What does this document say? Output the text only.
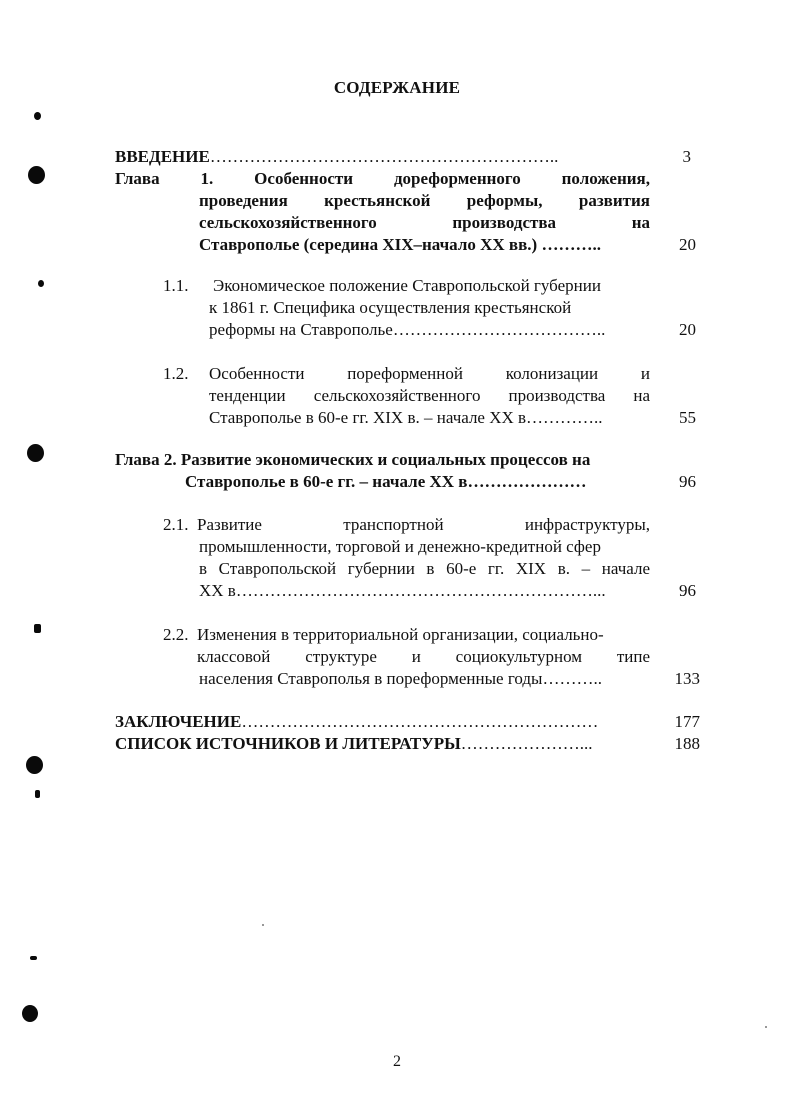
СОДЕРЖАНИЕ
ВВЕДЕНИЕ……………………………………………………..	3
Глава 1. Особенности дореформенного положения,
проведения крестьянской реформы, развития
сельскохозяйственного производства на
Ставрополье (середина XIX–начало XX вв.) ………..	20
1.1. Экономическое положение Ставропольской губернии
к 1861 г. Специфика осуществления крестьянской
реформы на Ставрополье………………………………..	20
1.2. Особенности пореформенной колонизации и
тенденции сельскохозяйственного производства на
Ставрополье в 60-е гг. XIX в. – начале XX в…………..	55
Глава 2. Развитие экономических и социальных процессов на
Ставрополье в 60-е гг. – начале XX в…………………	96
2.1. Развитие транспортной инфраструктуры,
промышленности, торговой и денежно-кредитной сфер
в Ставропольской губернии в 60-е гг. XIX в. – начале
XX в………………………………………………………...	96
2.2. Изменения в территориальной организации, социально-
классовой структуре и социокультурном типе
населения Ставрополья в пореформенные годы………..	133
ЗАКЛЮЧЕНИЕ………………………………………………………	177
СПИСОК ИСТОЧНИКОВ И ЛИТЕРАТУРЫ…………………...	188
2
